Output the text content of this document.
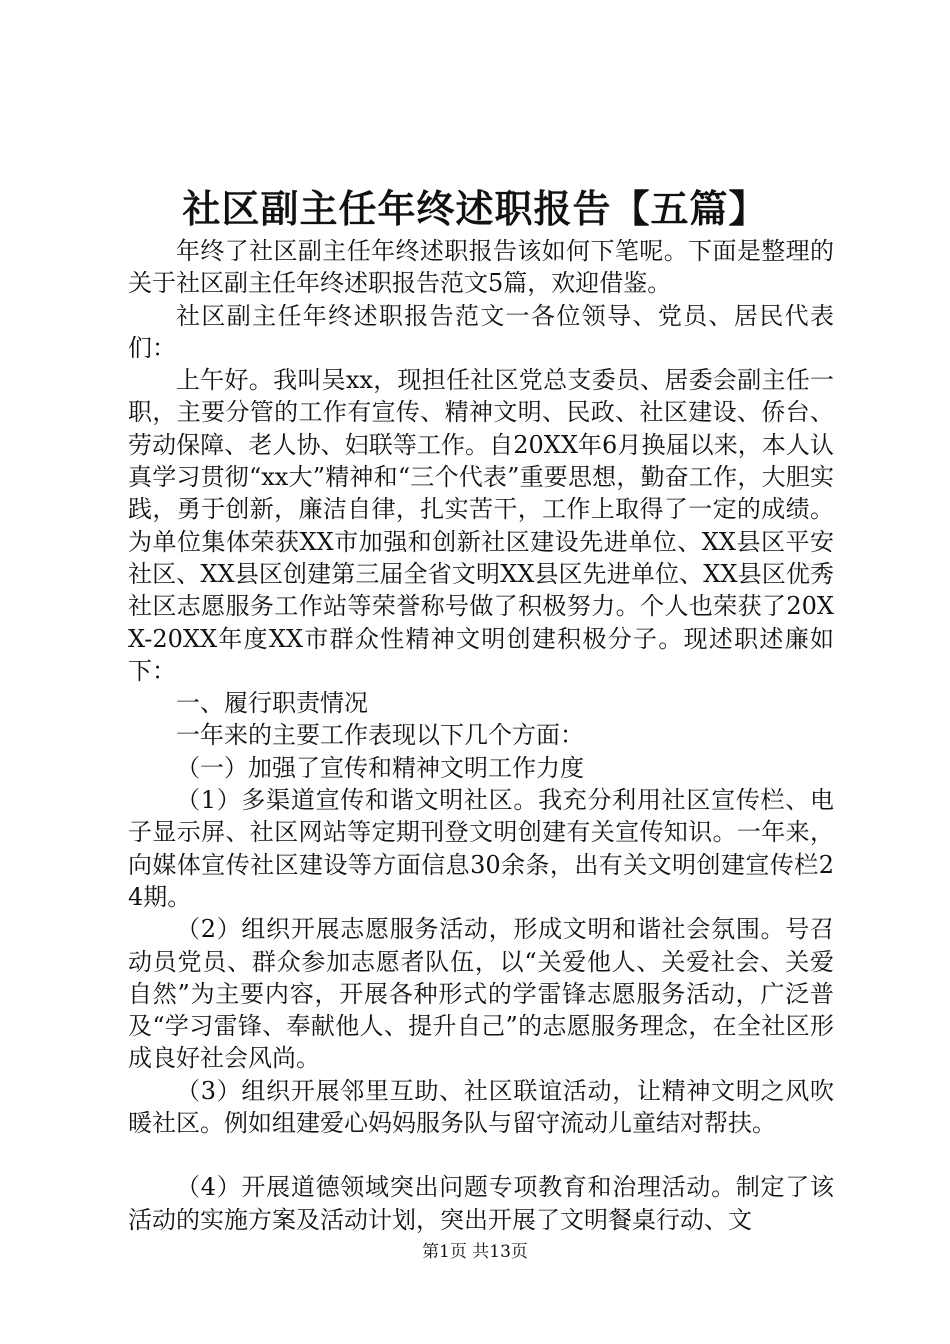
社区副主任年终述职报告【五篇】

年终了社区副主任年终述职报告该如何下笔呢。下面是整理的关于社区副主任年终述职报告范文5篇，欢迎借鉴。

社区副主任年终述职报告范文一各位领导、党员、居民代表们：

上午好。我叫吴xx，现担任社区党总支委员、居委会副主任一职，主要分管的工作有宣传、精神文明、民政、社区建设、侨台、劳动保障、老人协、妇联等工作。自20XX年6月换届以来，本人认真学习贯彻“xx大”精神和“三个代表”重要思想，勤奋工作，大胆实践，勇于创新，廉洁自律，扎实苦干，工作上取得了一定的成绩。为单位集体荣获XX市加强和创新社区建设先进单位、XX县区平安社区、XX县区创建第三届全省文明XX县区先进单位、XX县区优秀社区志愿服务工作站等荣誉称号做了积极努力。个人也荣获了20XX-20XX年度XX市群众性精神文明创建积极分子。现述职述廉如下：

一、履行职责情况

一年来的主要工作表现以下几个方面：

（一）加强了宣传和精神文明工作力度

（1）多渠道宣传和谐文明社区。我充分利用社区宣传栏、电子显示屏、社区网站等定期刊登文明创建有关宣传知识。一年来，向媒体宣传社区建设等方面信息30余条，出有关文明创建宣传栏24期。

（2）组织开展志愿服务活动，形成文明和谐社会氛围。号召动员党员、群众参加志愿者队伍，以“关爱他人、关爱社会、关爱自然”为主要内容，开展各种形式的学雷锋志愿服务活动，广泛普及“学习雷锋、奉献他人、提升自己”的志愿服务理念，在全社区形成良好社会风尚。

（3）组织开展邻里互助、社区联谊活动，让精神文明之风吹暖社区。例如组建爱心妈妈服务队与留守流动儿童结对帮扶。

（4）开展道德领域突出问题专项教育和治理活动。制定了该活动的实施方案及活动计划，突出开展了文明餐桌行动、文

第1页 共13页
